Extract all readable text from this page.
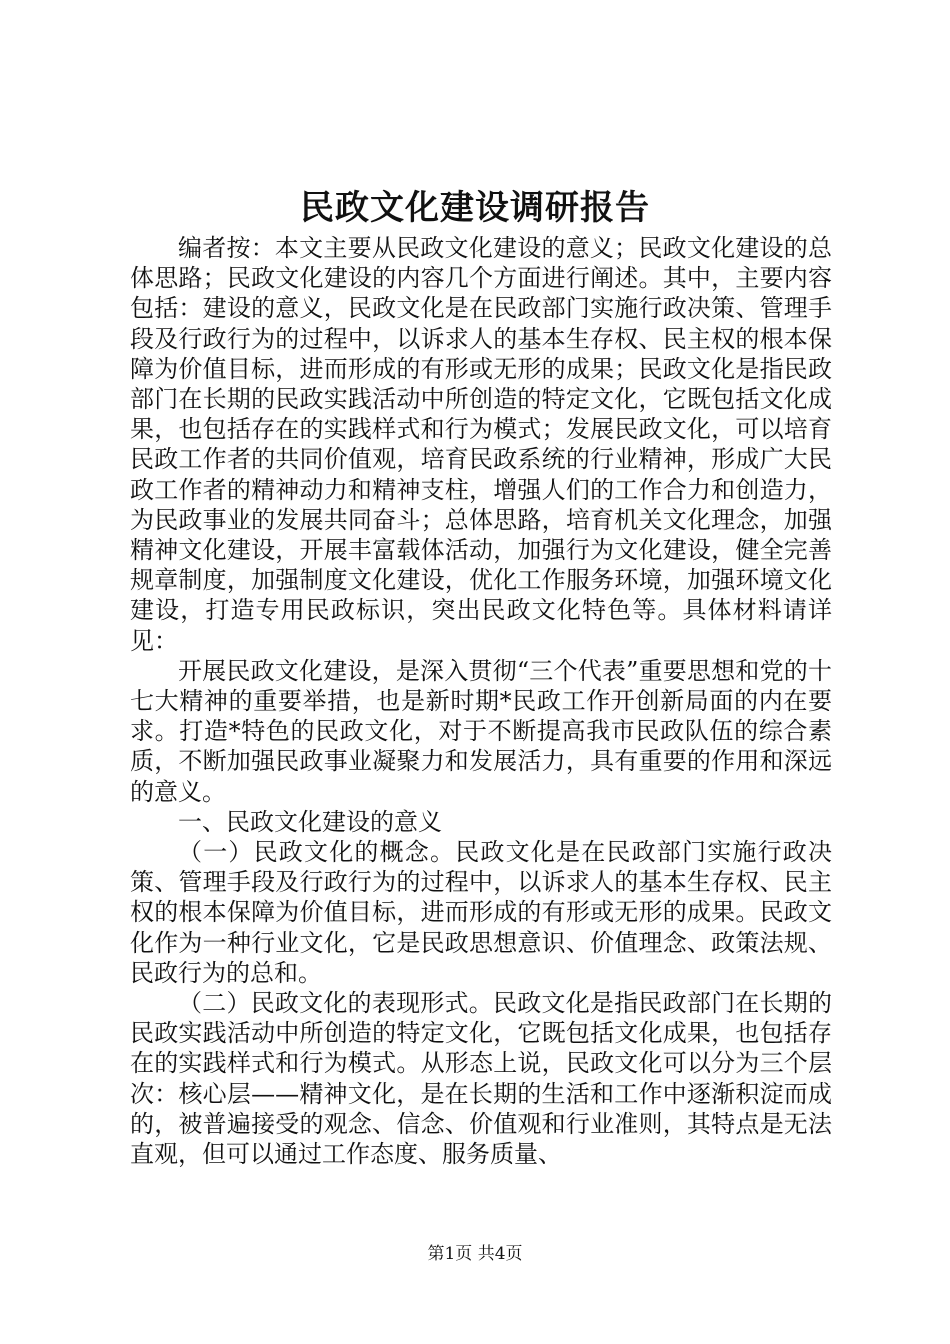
民政文化建设调研报告

编者按：本文主要从民政文化建设的意义；民政文化建设的总体思路；民政文化建设的内容几个方面进行阐述。其中，主要内容包括：建设的意义，民政文化是在民政部门实施行政决策、管理手段及行政行为的过程中，以诉求人的基本生存权、民主权的根本保障为价值目标，进而形成的有形或无形的成果；民政文化是指民政部门在长期的民政实践活动中所创造的特定文化，它既包括文化成果，也包括存在的实践样式和行为模式；发展民政文化，可以培育民政工作者的共同价值观，培育民政系统的行业精神，形成广大民政工作者的精神动力和精神支柱，增强人们的工作合力和创造力，为民政事业的发展共同奋斗；总体思路，培育机关文化理念，加强精神文化建设，开展丰富载体活动，加强行为文化建设，健全完善规章制度，加强制度文化建设，优化工作服务环境，加强环境文化建设，打造专用民政标识，突出民政文化特色等。具体材料请详见：

开展民政文化建设，是深入贯彻“三个代表”重要思想和党的十七大精神的重要举措，也是新时期*民政工作开创新局面的内在要求。打造*特色的民政文化，对于不断提高我市民政队伍的综合素质，不断加强民政事业凝聚力和发展活力，具有重要的作用和深远的意义。

一、民政文化建设的意义

（一）民政文化的概念。民政文化是在民政部门实施行政决策、管理手段及行政行为的过程中，以诉求人的基本生存权、民主权的根本保障为价值目标，进而形成的有形或无形的成果。民政文化作为一种行业文化，它是民政思想意识、价值理念、政策法规、民政行为的总和。

（二）民政文化的表现形式。民政文化是指民政部门在长期的民政实践活动中所创造的特定文化，它既包括文化成果，也包括存在的实践样式和行为模式。从形态上说，民政文化可以分为三个层次：核心层——精神文化，是在长期的生活和工作中逐渐积淀而成的，被普遍接受的观念、信念、价值观和行业准则，其特点是无法直观，但可以通过工作态度、服务质量、

第1页 共4页
